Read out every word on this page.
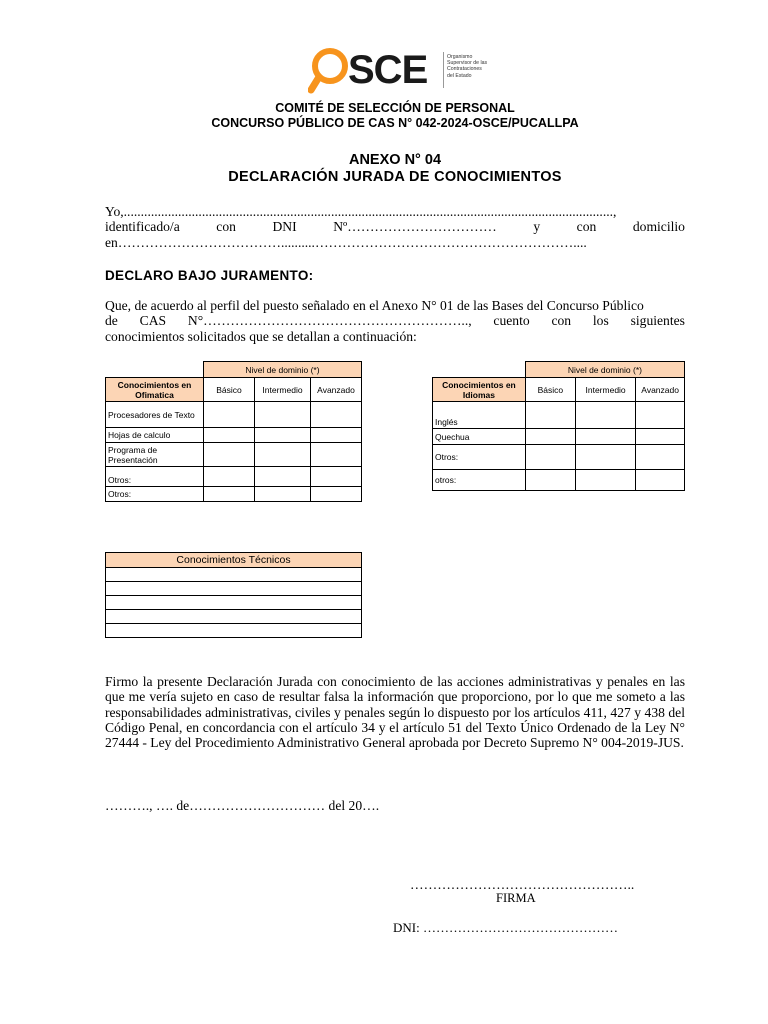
SCE	Organismo
Supervisor de las
Contrataciones
del Estado
COMITÉ DE SELECCIÓN DE PERSONAL
CONCURSO PÚBLICO DE CAS N° 042-2024-OSCE/PUCALLPA
ANEXO N° 04
DECLARACIÓN JURADA DE CONOCIMIENTOS
Yo,................................................................................................................................................,
identificado/a	con	DNI	Nº……………………………	y	con	domicilio
en………………………………..........…………………………………………………....
DECLARO BAJO JURAMENTO:
Que, de acuerdo al perfil del puesto señalado en el Anexo N° 01 de las Bases del Concurso Público
de CAS N°………………………………………………….., cuento con los siguientes
conocimientos solicitados que se detallan a continuación:
	Nivel de dominio (*)		
Conocimientos en Ofimatica	Básico	Intermedio	Avanzado
Procesadores de Texto			
Hojas de calculo			
Programa de Presentación			
Otros:			
Otros:			
	Nivel de dominio (*)		
Conocimientos en Idiomas	Básico	Intermedio	Avanzado
Inglés			
Quechua			
Otros:			
otros:			
Conocimientos Técnicos

Firmo la presente Declaración Jurada con conocimiento de las acciones administrativas y penales en las que me vería sujeto en caso de resultar falsa la información que proporciono, por lo que me someto a las responsabilidades administrativas, civiles y penales según lo dispuesto por los artículos 411, 427 y 438 del Código Penal, en concordancia con el artículo 34 y el artículo 51 del Texto Único Ordenado de la Ley N° 27444 - Ley del Procedimiento Administrativo General aprobada por Decreto Supremo N° 004-2019-JUS.
………., …. de………………………… del 20….
…………………………………………..
FIRMA
DNI: ………………………………………
